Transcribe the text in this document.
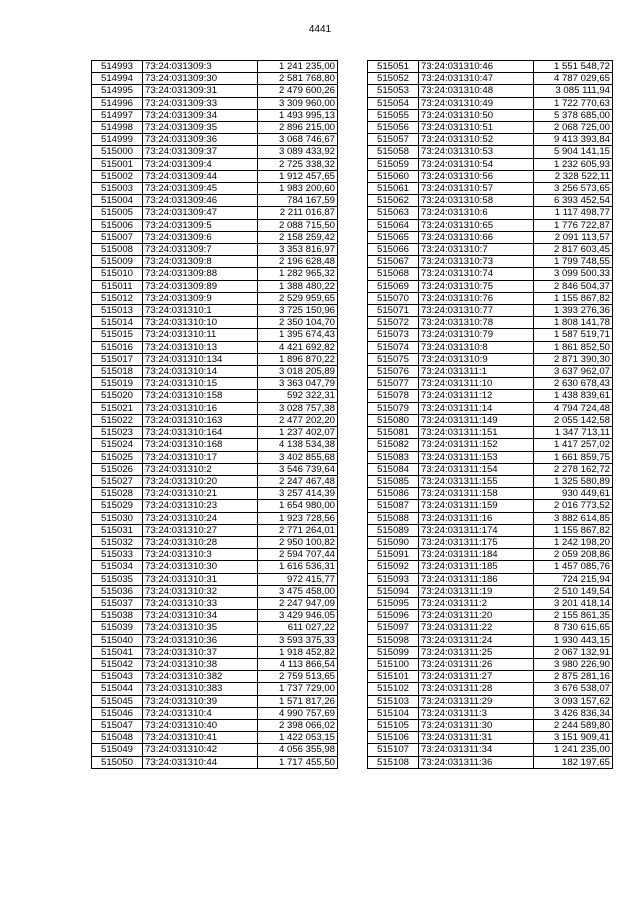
4441
514993	73:24:031309:3	1 241 235,00
514994	73:24:031309:30	2 581 768,80
514995	73:24:031309:31	2 479 600,26
514996	73:24:031309:33	3 309 960,00
514997	73:24:031309:34	1 493 995,13
514998	73:24:031309:35	2 896 215,00
514999	73:24:031309:36	3 068 746,67
515000	73:24:031309:37	3 089 433,92
515001	73:24:031309:4	2 725 338,32
515002	73:24:031309:44	1 912 457,65
515003	73:24:031309:45	1 983 200,60
515004	73:24:031309:46	784 167,59
515005	73:24:031309:47	2 211 016,87
515006	73:24:031309:5	2 088 715,50
515007	73:24:031309:6	2 158 259,42
515008	73:24:031309:7	3 353 816,97
515009	73:24:031309:8	2 196 628,48
515010	73:24:031309:88	1 282 965,32
515011	73:24:031309:89	1 388 480,22
515012	73:24:031309:9	2 529 959,65
515013	73:24:031310:1	3 725 150,96
515014	73:24:031310:10	2 350 104,70
515015	73:24:031310:11	1 395 674,43
515016	73:24:031310:13	4 421 692,82
515017	73:24:031310:134	1 896 870,22
515018	73:24:031310:14	3 018 205,89
515019	73:24:031310:15	3 363 047,79
515020	73:24:031310:158	592 322,31
515021	73:24:031310:16	3 028 757,38
515022	73:24:031310:163	2 477 202,20
515023	73:24:031310:164	1 237 402,07
515024	73:24:031310:168	4 138 534,38
515025	73:24:031310:17	3 402 855,68
515026	73:24:031310:2	3 546 739,64
515027	73:24:031310:20	2 247 467,48
515028	73:24:031310:21	3 257 414,39
515029	73:24:031310:23	1 654 980,00
515030	73:24:031310:24	1 923 728,56
515031	73:24:031310:27	2 771 264,01
515032	73:24:031310:28	2 950 100,82
515033	73:24:031310:3	2 594 707,44
515034	73:24:031310:30	1 616 536,31
515035	73:24:031310:31	972 415,77
515036	73:24:031310:32	3 475 458,00
515037	73:24:031310:33	2 247 947,09
515038	73:24:031310:34	3 429 946,05
515039	73:24:031310:35	611 027,22
515040	73:24:031310:36	3 593 375,33
515041	73:24:031310:37	1 918 452,82
515042	73:24:031310:38	4 113 866,54
515043	73:24:031310:382	2 759 513,65
515044	73:24:031310:383	1 737 729,00
515045	73:24:031310:39	1 571 817,26
515046	73:24:031310:4	4 990 757,69
515047	73:24:031310:40	2 398 066,02
515048	73:24:031310:41	1 422 053,15
515049	73:24:031310:42	4 056 355,98
515050	73:24:031310:44	1 717 455,50
515051	73:24:031310:46	1 551 548,72
515052	73:24:031310:47	4 787 029,65
515053	73:24:031310:48	3 085 111,94
515054	73:24:031310:49	1 722 770,63
515055	73:24:031310:50	5 378 685,00
515056	73:24:031310:51	2 068 725,00
515057	73:24:031310:52	9 413 393,84
515058	73:24:031310:53	5 904 141,15
515059	73:24:031310:54	1 232 605,93
515060	73:24:031310:56	2 328 522,11
515061	73:24:031310:57	3 256 573,65
515062	73:24:031310:58	6 393 452,54
515063	73:24:031310:6	1 117 498,77
515064	73:24:031310:65	1 776 722,87
515065	73:24:031310:66	2 091 113,57
515066	73:24:031310:7	2 817 603,45
515067	73:24:031310:73	1 799 748,55
515068	73:24:031310:74	3 099 500,33
515069	73:24:031310:75	2 846 504,37
515070	73:24:031310:76	1 155 867,82
515071	73:24:031310:77	1 393 276,36
515072	73:24:031310:78	1 808 141,78
515073	73:24:031310:79	1 587 519,71
515074	73:24:031310:8	1 861 852,50
515075	73:24:031310:9	2 871 390,30
515076	73:24:031311:1	3 637 962,07
515077	73:24:031311:10	2 630 678,43
515078	73:24:031311:12	1 438 839,61
515079	73:24:031311:14	4 794 724,48
515080	73:24:031311:149	2 055 142,58
515081	73:24:031311:151	1 347 713,11
515082	73:24:031311:152	1 417 257,02
515083	73:24:031311:153	1 661 859,75
515084	73:24:031311:154	2 278 162,72
515085	73:24:031311:155	1 325 580,89
515086	73:24:031311:158	930 449,61
515087	73:24:031311:159	2 016 773,52
515088	73:24:031311:16	3 882 614,85
515089	73:24:031311:174	1 155 867,82
515090	73:24:031311:175	1 242 198,20
515091	73:24:031311:184	2 059 208,86
515092	73:24:031311:185	1 457 085,76
515093	73:24:031311:186	724 215,94
515094	73:24:031311:19	2 510 149,54
515095	73:24:031311:2	3 201 418,14
515096	73:24:031311:20	2 155 861,35
515097	73:24:031311:22	8 730 615,65
515098	73:24:031311:24	1 930 443,15
515099	73:24:031311:25	2 067 132,91
515100	73:24:031311:26	3 980 226,90
515101	73:24:031311:27	2 875 281,16
515102	73:24:031311:28	3 676 538,07
515103	73:24:031311:29	3 093 157,62
515104	73:24:031311:3	3 426 836,34
515105	73:24:031311:30	2 244 589,80
515106	73:24:031311:31	3 151 909,41
515107	73:24:031311:34	1 241 235,00
515108	73:24:031311:36	182 197,65
